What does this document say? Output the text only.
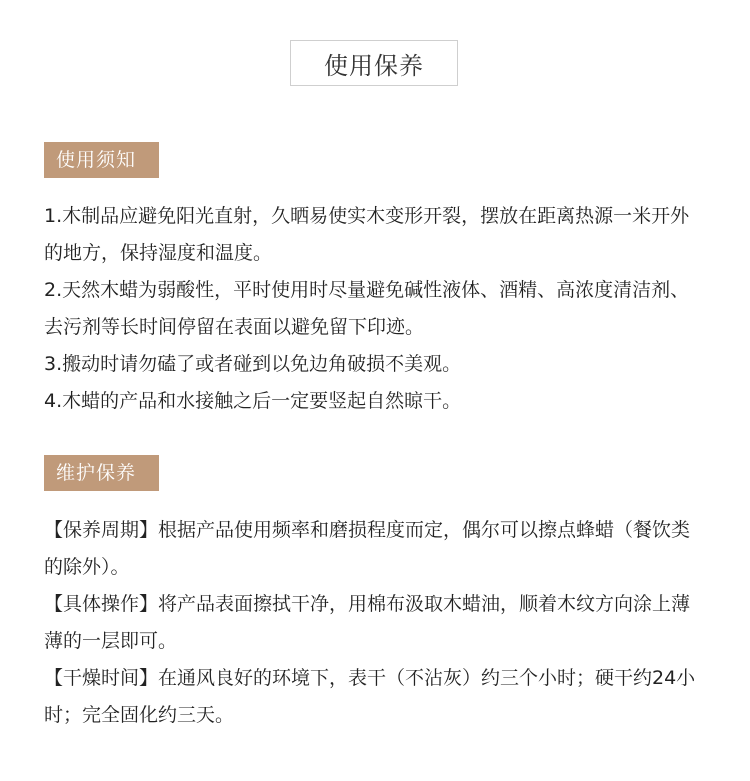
使用保养
使用须知

1.木制品应避免阳光直射，久晒易使实木变形开裂，摆放在距离热源一米开外的地方，保持湿度和温度。

2.天然木蜡为弱酸性，平时使用时尽量避免碱性液体、酒精、高浓度清洁剂、去污剂等长时间停留在表面以避免留下印迹。

3.搬动时请勿磕了或者碰到以免边角破损不美观。

4.木蜡的产品和水接触之后一定要竖起自然晾干。

维护保养

【保养周期】根据产品使用频率和磨损程度而定，偶尔可以擦点蜂蜡（餐饮类的除外）。

【具体操作】将产品表面擦拭干净，用棉布汲取木蜡油，顺着木纹方向涂上薄薄的一层即可。

【干燥时间】在通风良好的环境下，表干（不沾灰）约三个小时；硬干约24小时；完全固化约三天。
